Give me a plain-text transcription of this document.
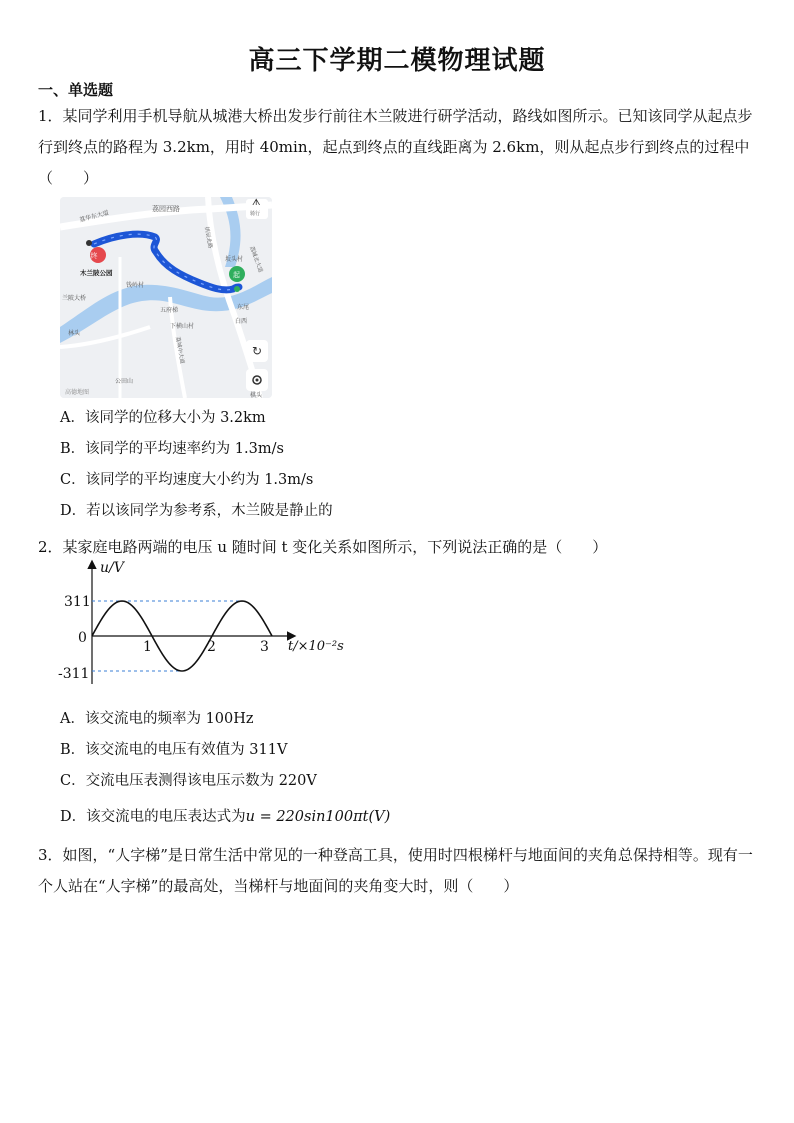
高三下学期二模物理试题
一、单选题
1．某同学利用手机导航从城港大桥出发步行前往木兰陂进行研学活动，路线如图所示。已知该同学从起点步行到终点的路程为 3.2km，用时 40min，起点到终点的直线距离为 2.6km，则从起点步行到终点的过程中（　　）
↻
ᗑ
骑行
荔园西路
荔华东大道
木兰陂公园
钱岭村
兰陂大桥
五府梯
下横山村
公田山
林头
坂头村
东尾
白西
棋头
高德地图
终
起
荔城北大道
荔城中大道
拱辰北路
A．该同学的位移大小为 3.2km
B．该同学的平均速率约为 1.3m/s
C．该同学的平均速度大小约为 1.3m/s
D．若以该同学为参考系，木兰陂是静止的
2．某家庭电路两端的电压 u 随时间 t 变化关系如图所示，下列说法正确的是（　　）
u/V
t/×10⁻²s
311
0
-311
1	2	3
A．该交流电的频率为 100Hz
B．该交流电的电压有效值为 311V
C．交流电压表测得该电压示数为 220V
D．该交流电的电压表达式为u = 220sin100πt(V)
3．如图，“人字梯”是日常生活中常见的一种登高工具，使用时四根梯杆与地面间的夹角总保持相等。现有一个人站在“人字梯”的最高处，当梯杆与地面间的夹角变大时，则（　　）
